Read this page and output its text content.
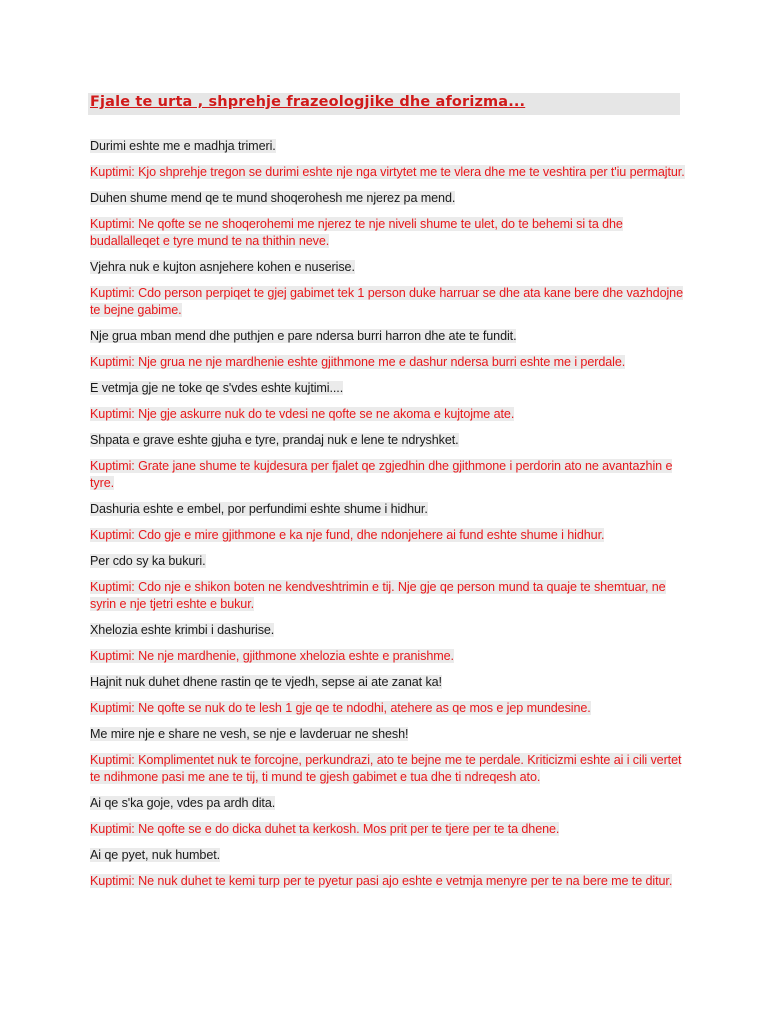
Fjale te urta , shprehje frazeologjike dhe aforizma...
Durimi eshte me e madhja trimeri.
Kuptimi: Kjo shprehje tregon se durimi eshte nje nga virtytet me te vlera dhe me te veshtira per t'iu permajtur.
Duhen shume mend qe te mund shoqerohesh me njerez pa mend.
Kuptimi: Ne qofte se ne shoqerohemi me njerez te nje niveli shume te ulet, do te behemi si ta dhe budallalleqet e tyre mund te na thithin neve.
Vjehra nuk e kujton asnjehere kohen e nuserise.
Kuptimi: Cdo person perpiqet te gjej gabimet tek 1 person duke harruar se dhe ata kane bere dhe vazhdojne te bejne gabime.
Nje grua mban mend dhe puthjen e pare ndersa burri harron dhe ate te fundit.
Kuptimi: Nje grua ne nje mardhenie eshte gjithmone me e dashur ndersa burri eshte me i perdale.
E vetmja gje ne toke qe s'vdes eshte kujtimi....
Kuptimi: Nje gje askurre nuk do te vdesi ne qofte se ne akoma e kujtojme ate.
Shpata e grave eshte gjuha e tyre, prandaj nuk e lene te ndryshket.
Kuptimi: Grate jane shume te kujdesura per fjalet qe zgjedhin dhe gjithmone i perdorin ato ne avantazhin e tyre.
Dashuria eshte e embel, por perfundimi eshte shume i hidhur.
Kuptimi: Cdo gje e mire gjithmone e ka nje fund, dhe ndonjehere ai fund eshte shume i hidhur.
Per cdo sy ka bukuri.
Kuptimi: Cdo nje e shikon boten ne kendveshtrimin e tij. Nje gje qe person mund ta quaje te shemtuar, ne syrin e nje tjetri eshte e bukur.
Xhelozia eshte krimbi i dashurise.
Kuptimi: Ne nje mardhenie, gjithmone xhelozia eshte e pranishme.
Hajnit nuk duhet dhene rastin qe te vjedh, sepse ai ate zanat ka!
Kuptimi: Ne qofte se nuk do te lesh 1 gje qe te ndodhi, atehere as qe mos e jep mundesine.
Me mire nje e share ne vesh, se nje e lavderuar ne shesh!
Kuptimi: Komplimentet nuk te forcojne, perkundrazi, ato te bejne me te perdale. Kriticizmi eshte ai i cili vertet te ndihmone pasi me ane te tij, ti mund te gjesh gabimet e tua dhe ti ndreqesh ato.
Ai qe s'ka goje, vdes pa ardh dita.
Kuptimi: Ne qofte se e do dicka duhet ta kerkosh. Mos prit per te tjere per te ta dhene.
Ai qe pyet, nuk humbet.
Kuptimi: Ne nuk duhet te kemi turp per te pyetur pasi ajo eshte e vetmja menyre per te na bere me te ditur.
